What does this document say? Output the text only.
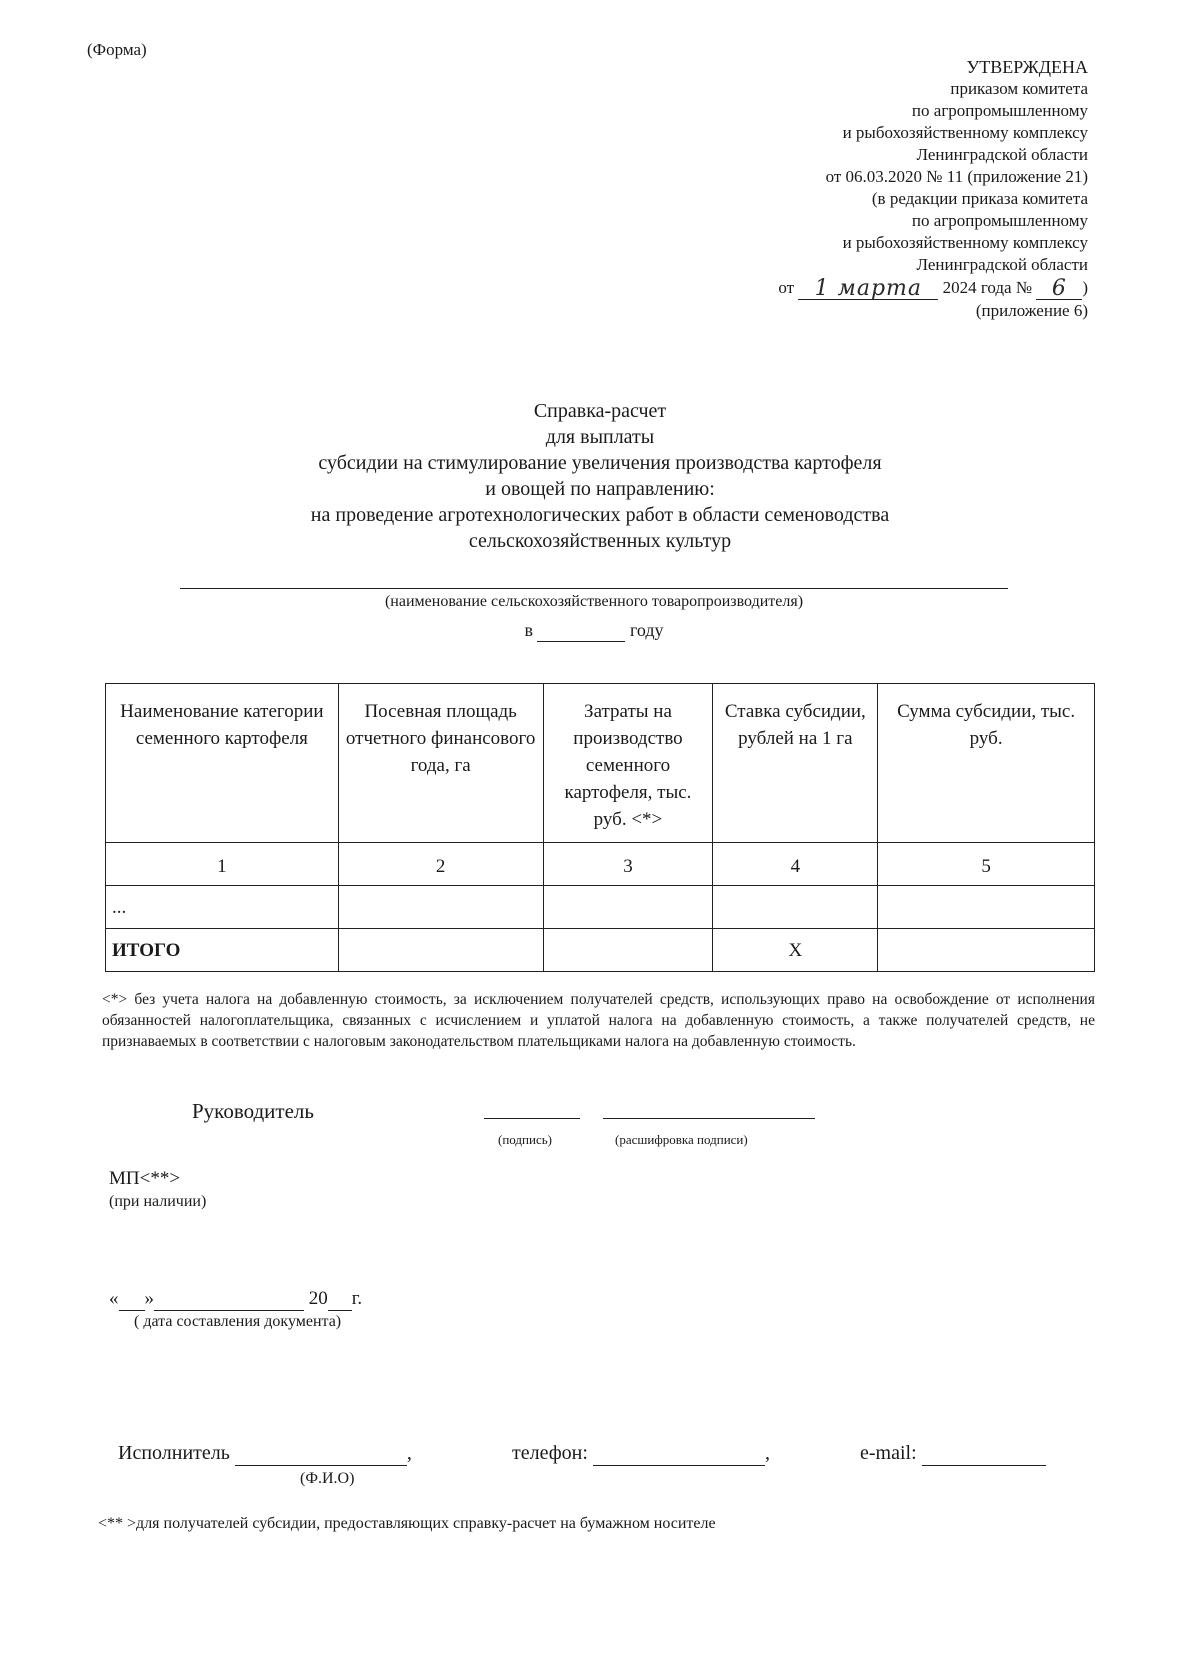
(Форма)
УТВЕРЖДЕНА
приказом комитета
по агропромышленному
и рыбохозяйственному комплексу
Ленинградской области
от 06.03.2020 № 11 (приложение 21)
(в редакции приказа комитета
по агропромышленному
и рыбохозяйственному комплексу
Ленинградской области
от 1 марта 2024 года № 6 )
(приложение 6)
Справка-расчет
для выплаты
субсидии на стимулирование увеличения производства картофеля
и овощей по направлению:
на проведение агротехнологических работ в области семеноводства
сельскохозяйственных культур
(наименование сельскохозяйственного товаропроизводителя)
в	году
Наименование категории семенного картофеля	Посевная площадь отчетного финансового года, га	Затраты на производство семенного картофеля, тыс. руб. <*>	Ставка субсидии, рублей на 1 га	Сумма субсидии, тыс. руб.
1	2	3	4	5
...				
ИТОГО			X	
<*> без учета налога на добавленную стоимость, за исключением получателей средств, использующих право на освобождение от исполнения обязанностей налогоплательщика, связанных с исчислением и уплатой налога на добавленную стоимость, а также получателей средств, не признаваемых в соответствии с налоговым законодательством плательщиками налога на добавленную стоимость.
Руководитель
(подпись)	(расшифровка подписи)
МП<**>
(при наличии)
« »	20 г.
( дата составления документа)
Исполнитель	,	телефон:	,	e-mail:
(Ф.И.О)
<** >для получателей субсидии, предоставляющих справку-расчет на бумажном носителе
